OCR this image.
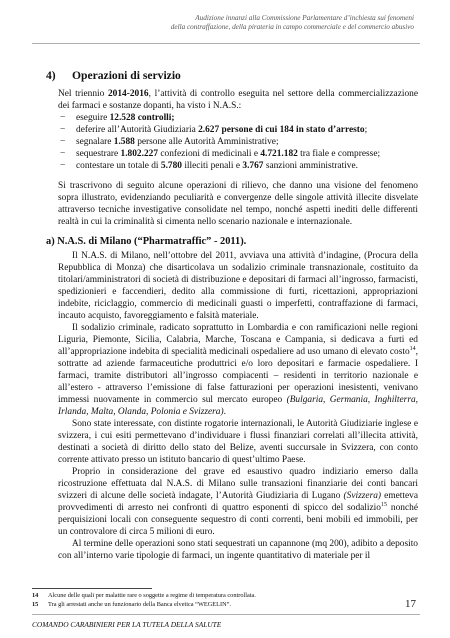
Audizione innanzi alla Commissione Parlamentare d’inchiesta sui fenomeni
della contraffazione, della pirateria in campo commerciale e del commercio abusivo
4) Operazioni di servizio

Nel triennio 2014-2016, l’attività di controllo eseguita nel settore della commercializzazione dei farmaci e sostanze dopanti, ha visto i N.A.S.:

− eseguire 12.528 controlli;
− deferire all’Autorità Giudiziaria 2.627 persone di cui 184 in stato d’arresto;
− segnalare 1.588 persone alle Autorità Amministrative;
− sequestrare 1.802.227 confezioni di medicinali e 4.721.182 tra fiale e compresse;
− contestare un totale di 5.780 illeciti penali e 3.767 sanzioni amministrative.

Si trascrivono di seguito alcune operazioni di rilievo, che danno una visione del fenomeno sopra illustrato, evidenziando peculiarità e convergenze delle singole attività illecite disvelate attraverso tecniche investigative consolidate nel tempo, nonché aspetti inediti delle differenti realtà in cui la criminalità si cimenta nello scenario nazionale e internazionale.

a) N.A.S. di Milano (“Pharmatraffic” - 2011).

Il N.A.S. di Milano, nell’ottobre del 2011, avviava una attività d’indagine, (Procura della Repubblica di Monza) che disarticolava un sodalizio criminale transnazionale, costituito da titolari/amministratori di società di distribuzione e depositari di farmaci all’ingrosso, farmacisti, spedizionieri e faccendieri, dedito alla commissione di furti, ricettazioni, appropriazioni indebite, riciclaggio, commercio di medicinali guasti o imperfetti, contraffazione di farmaci, incauto acquisto, favoreggiamento e falsità materiale.

Il sodalizio criminale, radicato soprattutto in Lombardia e con ramificazioni nelle regioni Liguria, Piemonte, Sicilia, Calabria, Marche, Toscana e Campania, si dedicava a furti ed all’appropriazione indebita di specialità medicinali ospedaliere ad uso umano di elevato costo$^{14}$, sottratte ad aziende farmaceutiche produttrici e/o loro depositari e farmacie ospedaliere. I farmaci, tramite distributori all’ingrosso compiacenti – residenti in territorio nazionale e all’estero - attraverso l’emissione di false fatturazioni per operazioni inesistenti, venivano immessi nuovamente in commercio sul mercato europeo (Bulgaria, Germania, Inghilterra, Irlanda, Malta, Olanda, Polonia e Svizzera).

Sono state interessate, con distinte rogatorie internazionali, le Autorità Giudiziarie inglese e svizzera, i cui esiti permettevano d’individuare i flussi finanziari correlati all’illecita attività, destinati a società di diritto dello stato del Belize, aventi succursale in Svizzera, con conto corrente attivato presso un istituto bancario di quest’ultimo Paese.

Proprio in considerazione del grave ed esaustivo quadro indiziario emerso dalla ricostruzione effettuata dal N.A.S. di Milano sulle transazioni finanziarie dei conti bancari svizzeri di alcune delle società indagate, l’Autorità Giudiziaria di Lugano (Svizzera) emetteva provvedimenti di arresto nei confronti di quattro esponenti di spicco del sodalizio$^{15}$ nonché perquisizioni locali con conseguente sequestro di conti correnti, beni mobili ed immobili, per un controvalore di circa 5 milioni di euro.

Al termine delle operazioni sono stati sequestrati un capannone (mq 200), adibito a deposito con all’interno varie tipologie di farmaci, un ingente quantitativo di materiale per il

14 Alcune delle quali per malattie rare o soggette a regime di temperatura controllata.
15 Tra gli arrestati anche un funzionario della Banca elvetica “WEGELIN”.	17
COMANDO CARABINIERI PER LA TUTELA DELLA SALUTE
